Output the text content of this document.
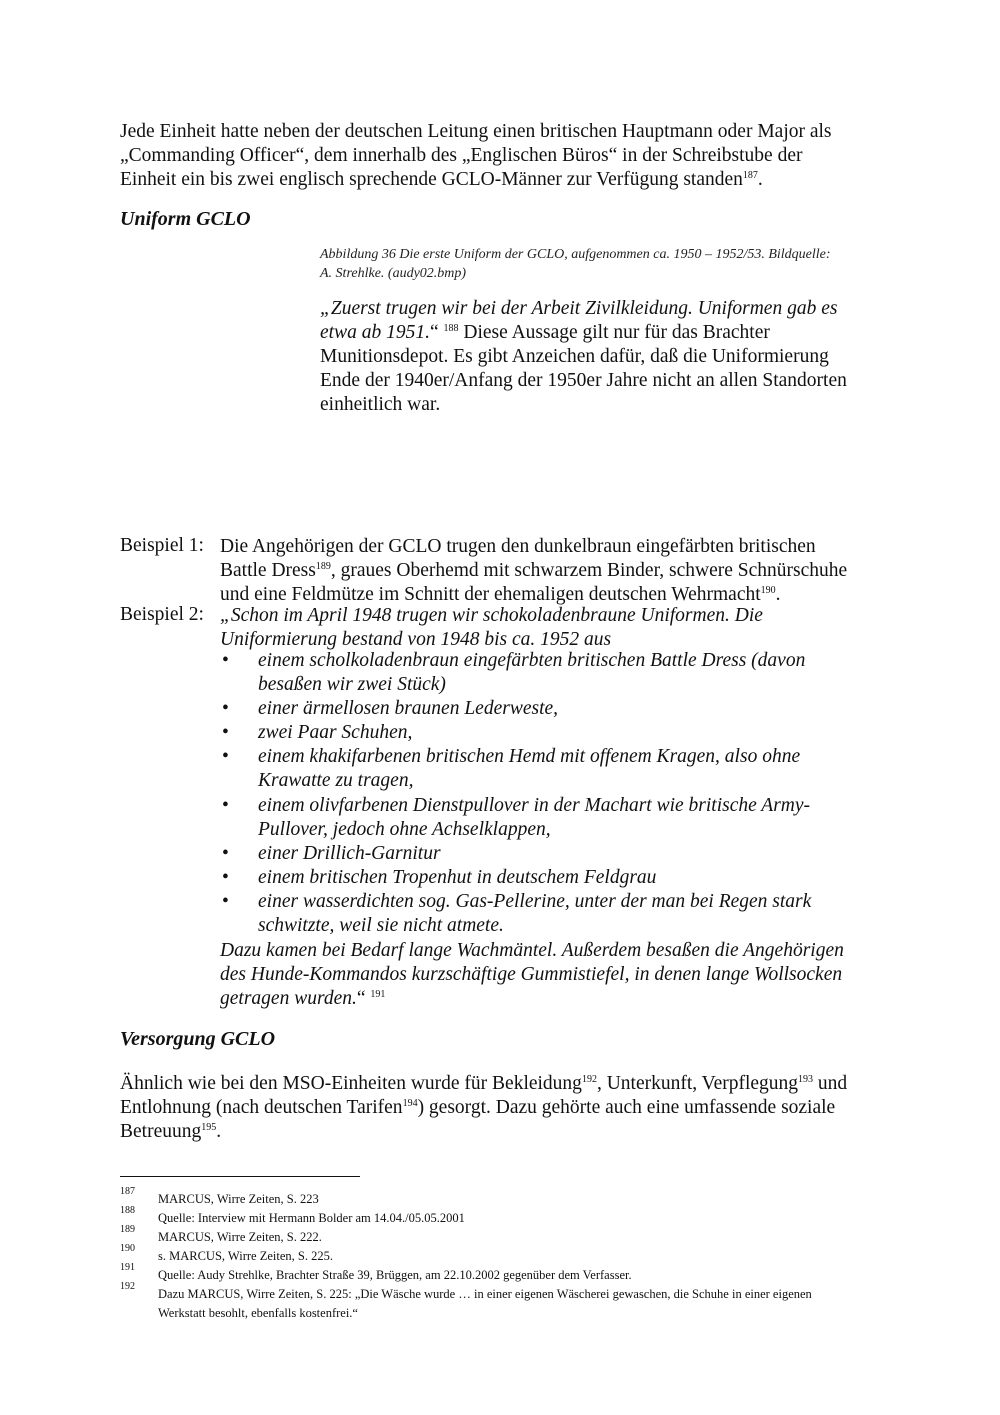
Jede Einheit hatte neben der deutschen Leitung einen britischen Hauptmann oder Major als
„Commanding Officer“, dem innerhalb des „Englischen Büros“ in der Schreibstube der
Einheit ein bis zwei englisch sprechende GCLO-Männer zur Verfügung standen$^{187}$.

Uniform GCLO
Abbildung 36 Die erste Uniform der GCLO, aufgenommen ca. 1950 – 1952/53. Bildquelle:
A. Strehlke. (audy02.bmp)
„Zuerst trugen wir bei der Arbeit Zivilkleidung. Uniformen gab es
etwa ab 1951.“ $^{188}$ Diese Aussage gilt nur für das Brachter
Munitionsdepot. Es gibt Anzeichen dafür, daß die Uniformierung
Ende der 1940er/Anfang der 1950er Jahre nicht an allen Standorten
einheitlich war.
Beispiel 1: Die Angehörigen der GCLO trugen den dunkelbraun eingefärbten britischen
Battle Dress$^{189}$, graues Oberhemd mit schwarzem Binder, schwere Schnürschuhe
und eine Feldmütze im Schnitt der ehemaligen deutschen Wehrmacht$^{190}$.
Beispiel 2: „Schon im April 1948 trugen wir schokoladenbraune Uniformen. Die
Uniformierung bestand von 1948 bis ca. 1952 aus
• einem scholkoladenbraun eingefärbten britischen Battle Dress (davon
besaßen wir zwei Stück)
• einer ärmellosen braunen Lederweste,
• zwei Paar Schuhen,
• einem khakifarbenen britischen Hemd mit offenem Kragen, also ohne
Krawatte zu tragen,
• einem olivfarbenen Dienstpullover in der Machart wie britische Army-
Pullover, jedoch ohne Achselklappen,
• einer Drillich-Garnitur
• einem britischen Tropenhut in deutschem Feldgrau
• einer wasserdichten sog. Gas-Pellerine, unter der man bei Regen stark
schwitzte, weil sie nicht atmete.
Dazu kamen bei Bedarf lange Wachmäntel. Außerdem besaßen die Angehörigen
des Hunde-Kommandos kurzschäftige Gummistiefel, in denen lange Wollsocken
getragen wurden.“ $^{191}$
Versorgung GCLO
Ähnlich wie bei den MSO-Einheiten wurde für Bekleidung$^{192}$, Unterkunft, Verpflegung$^{193}$ und
Entlohnung (nach deutschen Tarifen$^{194}$) gesorgt. Dazu gehörte auch eine umfassende soziale
Betreuung$^{195}$.
187
MARCUS, Wirre Zeiten, S. 223
188
Quelle: Interview mit Hermann Bolder am 14.04./05.05.2001
189
MARCUS, Wirre Zeiten, S. 222.
190
s. MARCUS, Wirre Zeiten, S. 225.
191
Quelle: Audy Strehlke, Brachter Straße 39, Brüggen, am 22.10.2002 gegenüber dem Verfasser.
192
Dazu MARCUS, Wirre Zeiten, S. 225: „Die Wäsche wurde … in einer eigenen Wäscherei gewaschen, die Schuhe in einer eigenen
Werkstatt besohlt, ebenfalls kostenfrei.“
